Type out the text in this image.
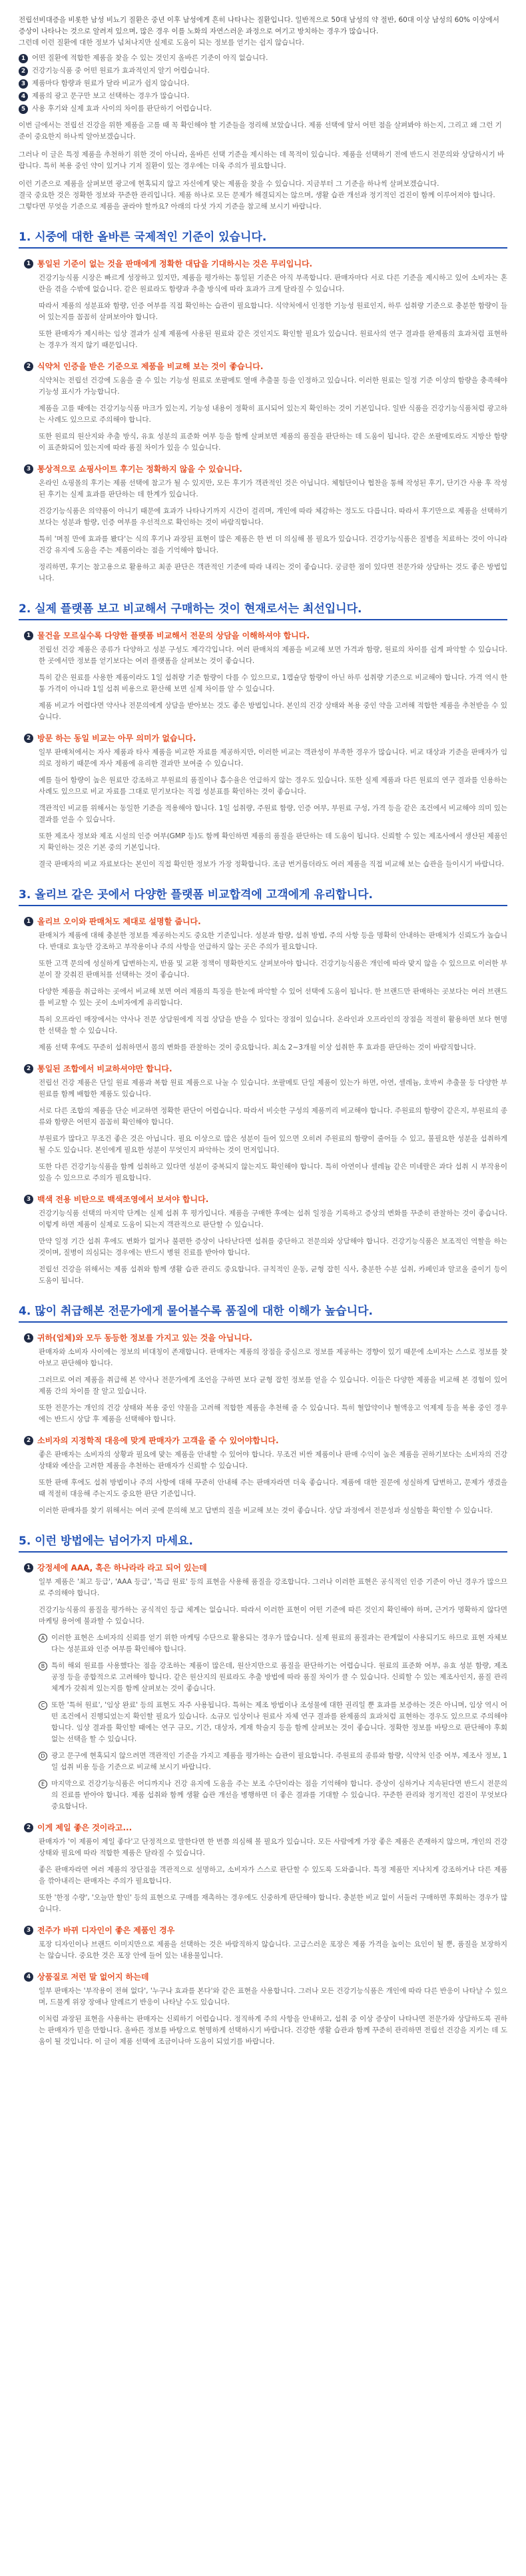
전립선비대증을 비롯한 남성 비뇨기 질환은 중년 이후 남성에게 흔히 나타나는 질환입니다. 일반적으로 50대 남성의 약 절반, 60대 이상 남성의 60% 이상에서 증상이 나타나는 것으로 알려져 있으며, 많은 경우 이를 노화의 자연스러운 과정으로 여기고 방치하는 경우가 많습니다.

그런데 이런 질환에 대한 정보가 넘쳐나지만 실제로 도움이 되는 정보를 얻기는 쉽지 않습니다.

1 어떤 질환에 적합한 제품을 찾을 수 있는 것인지 올바른 기준이 아직 없습니다.
2 건강기능식품 중 어떤 원료가 효과적인지 알기 어렵습니다.
3 제품마다 함량과 원료가 달라 비교가 쉽지 않습니다.
4 제품의 광고 문구만 보고 선택하는 경우가 많습니다.
5 사용 후기와 실제 효과 사이의 차이를 판단하기 어렵습니다.

이번 글에서는 전립선 건강을 위한 제품을 고를 때 꼭 확인해야 할 기준들을 정리해 보았습니다. 제품 선택에 앞서 어떤 점을 살펴봐야 하는지, 그리고 왜 그런 기준이 중요한지 하나씩 알아보겠습니다.

그러나 이 글은 특정 제품을 추천하기 위한 것이 아니라, 올바른 선택 기준을 제시하는 데 목적이 있습니다. 제품을 선택하기 전에 반드시 전문의와 상담하시기 바랍니다. 특히 복용 중인 약이 있거나 기저 질환이 있는 경우에는 더욱 주의가 필요합니다.

이런 기준으로 제품을 살펴보면 광고에 현혹되지 않고 자신에게 맞는 제품을 찾을 수 있습니다. 지금부터 그 기준을 하나씩 살펴보겠습니다.

결국 중요한 것은 정확한 정보와 꾸준한 관리입니다. 제품 하나로 모든 문제가 해결되지는 않으며, 생활 습관 개선과 정기적인 검진이 함께 이루어져야 합니다.

그렇다면 무엇을 기준으로 제품을 골라야 할까요? 아래의 다섯 가지 기준을 참고해 보시기 바랍니다.

1. 시중에 대한 올바른 국제적인 기준이 있습니다.
1 통일된 기준이 없는 것을 판매에게 정확한 대답을 기대하시는 것은 무리입니다.

건강기능식품 시장은 빠르게 성장하고 있지만, 제품을 평가하는 통일된 기준은 아직 부족합니다. 판매자마다 서로 다른 기준을 제시하고 있어 소비자는 혼란을 겪을 수밖에 없습니다. 같은 원료라도 함량과 추출 방식에 따라 효과가 크게 달라질 수 있습니다.

따라서 제품의 성분표와 함량, 인증 여부를 직접 확인하는 습관이 필요합니다. 식약처에서 인정한 기능성 원료인지, 하루 섭취량 기준으로 충분한 함량이 들어 있는지를 꼼꼼히 살펴보아야 합니다.

또한 판매자가 제시하는 임상 결과가 실제 제품에 사용된 원료와 같은 것인지도 확인할 필요가 있습니다. 원료사의 연구 결과를 완제품의 효과처럼 표현하는 경우가 적지 않기 때문입니다.

2 식약처 인증을 받은 기준으로 제품을 비교해 보는 것이 좋습니다.

식약처는 전립선 건강에 도움을 줄 수 있는 기능성 원료로 쏘팔메토 열매 추출물 등을 인정하고 있습니다. 이러한 원료는 일정 기준 이상의 함량을 충족해야 기능성 표시가 가능합니다.

제품을 고를 때에는 건강기능식품 마크가 있는지, 기능성 내용이 정확히 표시되어 있는지 확인하는 것이 기본입니다. 일반 식품을 건강기능식품처럼 광고하는 사례도 있으므로 주의해야 합니다.

또한 원료의 원산지와 추출 방식, 유효 성분의 표준화 여부 등을 함께 살펴보면 제품의 품질을 판단하는 데 도움이 됩니다. 같은 쏘팔메토라도 지방산 함량이 표준화되어 있는지에 따라 품질 차이가 있을 수 있습니다.

3 통상적으로 쇼핑사이트 후기는 정확하지 않을 수 있습니다.

온라인 쇼핑몰의 후기는 제품 선택에 참고가 될 수 있지만, 모든 후기가 객관적인 것은 아닙니다. 체험단이나 협찬을 통해 작성된 후기, 단기간 사용 후 작성된 후기는 실제 효과를 판단하는 데 한계가 있습니다.

건강기능식품은 의약품이 아니기 때문에 효과가 나타나기까지 시간이 걸리며, 개인에 따라 체감하는 정도도 다릅니다. 따라서 후기만으로 제품을 선택하기보다는 성분과 함량, 인증 여부를 우선적으로 확인하는 것이 바람직합니다.

특히 '며칠 만에 효과를 봤다'는 식의 후기나 과장된 표현이 많은 제품은 한 번 더 의심해 볼 필요가 있습니다. 건강기능식품은 질병을 치료하는 것이 아니라 건강 유지에 도움을 주는 제품이라는 점을 기억해야 합니다.

정리하면, 후기는 참고용으로 활용하고 최종 판단은 객관적인 기준에 따라 내리는 것이 좋습니다. 궁금한 점이 있다면 전문가와 상담하는 것도 좋은 방법입니다.

2. 실제 플랫폼 보고 비교해서 구매하는 것이 현재로서는 최선입니다.
1 물건을 모르실수록 다양한 플랫폼 비교해서 전문의 상담을 이해하셔야 합니다.

전립선 건강 제품은 종류가 다양하고 성분 구성도 제각각입니다. 여러 판매처의 제품을 비교해 보면 가격과 함량, 원료의 차이를 쉽게 파악할 수 있습니다. 한 곳에서만 정보를 얻기보다는 여러 플랫폼을 살펴보는 것이 좋습니다.

특히 같은 원료를 사용한 제품이라도 1일 섭취량 기준 함량이 다를 수 있으므로, 1캡슐당 함량이 아닌 하루 섭취량 기준으로 비교해야 합니다. 가격 역시 한 통 가격이 아니라 1일 섭취 비용으로 환산해 보면 실제 차이를 알 수 있습니다.

제품 비교가 어렵다면 약사나 전문의에게 상담을 받아보는 것도 좋은 방법입니다. 본인의 건강 상태와 복용 중인 약을 고려해 적합한 제품을 추천받을 수 있습니다.

2 방문 하는 동일 비교는 아무 의미가 없습니다.

일부 판매처에서는 자사 제품과 타사 제품을 비교한 자료를 제공하지만, 이러한 비교는 객관성이 부족한 경우가 많습니다. 비교 대상과 기준을 판매자가 임의로 정하기 때문에 자사 제품에 유리한 결과만 보여줄 수 있습니다.

예를 들어 함량이 높은 원료만 강조하고 부원료의 품질이나 흡수율은 언급하지 않는 경우도 있습니다. 또한 실제 제품과 다른 원료의 연구 결과를 인용하는 사례도 있으므로 비교 자료를 그대로 믿기보다는 직접 성분표를 확인하는 것이 좋습니다.

객관적인 비교를 위해서는 동일한 기준을 적용해야 합니다. 1일 섭취량, 주원료 함량, 인증 여부, 부원료 구성, 가격 등을 같은 조건에서 비교해야 의미 있는 결과를 얻을 수 있습니다.

또한 제조사 정보와 제조 시설의 인증 여부(GMP 등)도 함께 확인하면 제품의 품질을 판단하는 데 도움이 됩니다. 신뢰할 수 있는 제조사에서 생산된 제품인지 확인하는 것은 기본 중의 기본입니다.

결국 판매자의 비교 자료보다는 본인이 직접 확인한 정보가 가장 정확합니다. 조금 번거롭더라도 여러 제품을 직접 비교해 보는 습관을 들이시기 바랍니다.

3. 올리브 같은 곳에서 다양한 플랫폼 비교합격에 고객에게 유리합니다.
1 올리브 오이와 판매처도 제대로 설명할 줍니다.

판매처가 제품에 대해 충분한 정보를 제공하는지도 중요한 기준입니다. 성분과 함량, 섭취 방법, 주의 사항 등을 명확히 안내하는 판매처가 신뢰도가 높습니다. 반대로 효능만 강조하고 부작용이나 주의 사항을 언급하지 않는 곳은 주의가 필요합니다.

또한 고객 문의에 성실하게 답변하는지, 반품 및 교환 정책이 명확한지도 살펴보아야 합니다. 건강기능식품은 개인에 따라 맞지 않을 수 있으므로 이러한 부분이 잘 갖춰진 판매처를 선택하는 것이 좋습니다.

다양한 제품을 취급하는 곳에서 비교해 보면 여러 제품의 특징을 한눈에 파악할 수 있어 선택에 도움이 됩니다. 한 브랜드만 판매하는 곳보다는 여러 브랜드를 비교할 수 있는 곳이 소비자에게 유리합니다.

특히 오프라인 매장에서는 약사나 전문 상담원에게 직접 상담을 받을 수 있다는 장점이 있습니다. 온라인과 오프라인의 장점을 적절히 활용하면 보다 현명한 선택을 할 수 있습니다.

제품 선택 후에도 꾸준히 섭취하면서 몸의 변화를 관찰하는 것이 중요합니다. 최소 2~3개월 이상 섭취한 후 효과를 판단하는 것이 바람직합니다.

2 통일된 조합에서 비교하셔야만 합니다.

전립선 건강 제품은 단일 원료 제품과 복합 원료 제품으로 나눌 수 있습니다. 쏘팔메토 단일 제품이 있는가 하면, 아연, 셀레늄, 호박씨 추출물 등 다양한 부원료를 함께 배합한 제품도 있습니다.

서로 다른 조합의 제품을 단순 비교하면 정확한 판단이 어렵습니다. 따라서 비슷한 구성의 제품끼리 비교해야 합니다. 주원료의 함량이 같은지, 부원료의 종류와 함량은 어떤지 꼼꼼히 확인해야 합니다.

부원료가 많다고 무조건 좋은 것은 아닙니다. 필요 이상으로 많은 성분이 들어 있으면 오히려 주원료의 함량이 줄어들 수 있고, 불필요한 성분을 섭취하게 될 수도 있습니다. 본인에게 필요한 성분이 무엇인지 파악하는 것이 먼저입니다.

또한 다른 건강기능식품을 함께 섭취하고 있다면 성분이 중복되지 않는지도 확인해야 합니다. 특히 아연이나 셀레늄 같은 미네랄은 과다 섭취 시 부작용이 있을 수 있으므로 주의가 필요합니다.

3 백색 전용 비탄으로 백색조영에서 보셔야 합니다.

건강기능식품 선택의 마지막 단계는 실제 섭취 후 평가입니다. 제품을 구매한 후에는 섭취 일정을 기록하고 증상의 변화를 꾸준히 관찰하는 것이 좋습니다. 이렇게 하면 제품이 실제로 도움이 되는지 객관적으로 판단할 수 있습니다.

만약 일정 기간 섭취 후에도 변화가 없거나 불편한 증상이 나타난다면 섭취를 중단하고 전문의와 상담해야 합니다. 건강기능식품은 보조적인 역할을 하는 것이며, 질병이 의심되는 경우에는 반드시 병원 진료를 받아야 합니다.

전립선 건강을 위해서는 제품 섭취와 함께 생활 습관 관리도 중요합니다. 규칙적인 운동, 균형 잡힌 식사, 충분한 수분 섭취, 카페인과 알코올 줄이기 등이 도움이 됩니다.

4. 많이 취급해본 전문가에게 물어볼수록 품질에 대한 이해가 높습니다.
1 귀하(업체)와 모두 동등한 정보를 가지고 있는 것을 아닙니다.

판매자와 소비자 사이에는 정보의 비대칭이 존재합니다. 판매자는 제품의 장점을 중심으로 정보를 제공하는 경향이 있기 때문에 소비자는 스스로 정보를 찾아보고 판단해야 합니다.

그러므로 여러 제품을 취급해 본 약사나 전문가에게 조언을 구하면 보다 균형 잡힌 정보를 얻을 수 있습니다. 이들은 다양한 제품을 비교해 본 경험이 있어 제품 간의 차이를 잘 알고 있습니다.

또한 전문가는 개인의 건강 상태와 복용 중인 약물을 고려해 적합한 제품을 추천해 줄 수 있습니다. 특히 혈압약이나 혈액응고 억제제 등을 복용 중인 경우에는 반드시 상담 후 제품을 선택해야 합니다.

2 소비자의 지정학적 대응에 맞게 판매자가 고객을 줄 수 있어야합니다.

좋은 판매자는 소비자의 상황과 필요에 맞는 제품을 안내할 수 있어야 합니다. 무조건 비싼 제품이나 판매 수익이 높은 제품을 권하기보다는 소비자의 건강 상태와 예산을 고려한 제품을 추천하는 판매자가 신뢰할 수 있습니다.

또한 판매 후에도 섭취 방법이나 주의 사항에 대해 꾸준히 안내해 주는 판매자라면 더욱 좋습니다. 제품에 대한 질문에 성실하게 답변하고, 문제가 생겼을 때 적절히 대응해 주는지도 중요한 판단 기준입니다.

이러한 판매자를 찾기 위해서는 여러 곳에 문의해 보고 답변의 질을 비교해 보는 것이 좋습니다. 상담 과정에서 전문성과 성실함을 확인할 수 있습니다.

5. 이런 방법에는 넘어가지 마세요.
1 강정세에 AAA, 혹은 하나라라 라고 되어 있는데

일부 제품은 '최고 등급', 'AAA 등급', '특급 원료' 등의 표현을 사용해 품질을 강조합니다. 그러나 이러한 표현은 공식적인 인증 기준이 아닌 경우가 많으므로 주의해야 합니다.

건강기능식품의 품질을 평가하는 공식적인 등급 체계는 없습니다. 따라서 이러한 표현이 어떤 기준에 따른 것인지 확인해야 하며, 근거가 명확하지 않다면 마케팅 용어에 불과할 수 있습니다.

A 이러한 표현은 소비자의 신뢰를 얻기 위한 마케팅 수단으로 활용되는 경우가 많습니다. 실제 원료의 품질과는 관계없이 사용되기도 하므로 표현 자체보다는 성분표와 인증 여부를 확인해야 합니다.

B 특히 해외 원료를 사용했다는 점을 강조하는 제품이 많은데, 원산지만으로 품질을 판단하기는 어렵습니다. 원료의 표준화 여부, 유효 성분 함량, 제조 공정 등을 종합적으로 고려해야 합니다. 같은 원산지의 원료라도 추출 방법에 따라 품질 차이가 클 수 있습니다. 신뢰할 수 있는 제조사인지, 품질 관리 체계가 갖춰져 있는지를 함께 살펴보는 것이 좋습니다.

C 또한 '특허 원료', '임상 완료' 등의 표현도 자주 사용됩니다. 특허는 제조 방법이나 조성물에 대한 권리일 뿐 효과를 보증하는 것은 아니며, 임상 역시 어떤 조건에서 진행되었는지 확인할 필요가 있습니다. 소규모 임상이나 원료사 자체 연구 결과를 완제품의 효과처럼 표현하는 경우도 있으므로 주의해야 합니다. 임상 결과를 확인할 때에는 연구 규모, 기간, 대상자, 게재 학술지 등을 함께 살펴보는 것이 좋습니다. 정확한 정보를 바탕으로 판단해야 후회 없는 선택을 할 수 있습니다.

D 광고 문구에 현혹되지 않으려면 객관적인 기준을 가지고 제품을 평가하는 습관이 필요합니다. 주원료의 종류와 함량, 식약처 인증 여부, 제조사 정보, 1일 섭취 비용 등을 기준으로 비교해 보시기 바랍니다.

E 마지막으로 건강기능식품은 어디까지나 건강 유지에 도움을 주는 보조 수단이라는 점을 기억해야 합니다. 증상이 심하거나 지속된다면 반드시 전문의의 진료를 받아야 합니다. 제품 섭취와 함께 생활 습관 개선을 병행하면 더 좋은 결과를 기대할 수 있습니다. 꾸준한 관리와 정기적인 검진이 무엇보다 중요합니다.

2 이게 제일 좋은 것이라고...

판매자가 '이 제품이 제일 좋다'고 단정적으로 말한다면 한 번쯤 의심해 볼 필요가 있습니다. 모든 사람에게 가장 좋은 제품은 존재하지 않으며, 개인의 건강 상태와 필요에 따라 적합한 제품은 달라질 수 있습니다.

좋은 판매자라면 여러 제품의 장단점을 객관적으로 설명하고, 소비자가 스스로 판단할 수 있도록 도와줍니다. 특정 제품만 지나치게 강조하거나 다른 제품을 깎아내리는 판매자는 주의가 필요합니다.

또한 '한정 수량', '오늘만 할인' 등의 표현으로 구매를 재촉하는 경우에도 신중하게 판단해야 합니다. 충분한 비교 없이 서둘러 구매하면 후회하는 경우가 많습니다.

3 전주가 바뀌 디자인이 좋은 제품인 경우

포장 디자인이나 브랜드 이미지만으로 제품을 선택하는 것은 바람직하지 않습니다. 고급스러운 포장은 제품 가격을 높이는 요인이 될 뿐, 품질을 보장하지는 않습니다. 중요한 것은 포장 안에 들어 있는 내용물입니다.

4 상품질로 저런 말 없어지 하는데

일부 판매자는 '부작용이 전혀 없다', '누구나 효과를 본다'와 같은 표현을 사용합니다. 그러나 모든 건강기능식품은 개인에 따라 다른 반응이 나타날 수 있으며, 드물게 위장 장애나 알레르기 반응이 나타날 수도 있습니다.

이처럼 과장된 표현을 사용하는 판매자는 신뢰하기 어렵습니다. 정직하게 주의 사항을 안내하고, 섭취 중 이상 증상이 나타나면 전문가와 상담하도록 권하는 판매자가 믿을 만합니다. 올바른 정보를 바탕으로 현명하게 선택하시기 바랍니다. 건강한 생활 습관과 함께 꾸준히 관리하면 전립선 건강을 지키는 데 도움이 될 것입니다. 이 글이 제품 선택에 조금이나마 도움이 되었기를 바랍니다.
